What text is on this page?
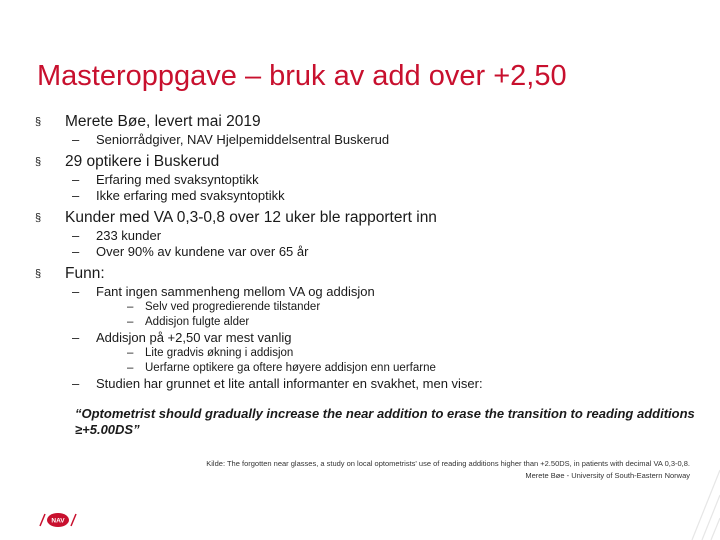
Masteroppgave – bruk av add over +2,50
§ Merete Bøe, levert mai 2019
– Seniorrådgiver, NAV Hjelpemiddelsentral Buskerud
§ 29 optikere i Buskerud
– Erfaring med svaksyntoptikk
– Ikke erfaring med svaksyntoptikk
§ Kunder med VA 0,3-0,8 over 12 uker ble rapportert inn
– 233 kunder
– Over 90% av kundene var over 65 år
§ Funn:
– Fant ingen sammenheng mellom VA og addisjon
– Selv ved progredierende tilstander
– Addisjon fulgte alder
– Addisjon på +2,50 var mest vanlig
– Lite gradvis økning i addisjon
– Uerfarne optikere ga oftere høyere addisjon enn uerfarne
– Studien har grunnet et lite antall informanter en svakhet, men viser:
“Optometrist should gradually increase the near addition to erase the transition to reading additions ≥+5.00DS”
Kilde: The forgotten near glasses, a study on local optometrists' use of reading additions higher than +2.50DS, in patients with decimal VA 0,3-0,8.
Merete Bøe - University of South-Eastern Norway
NAV
